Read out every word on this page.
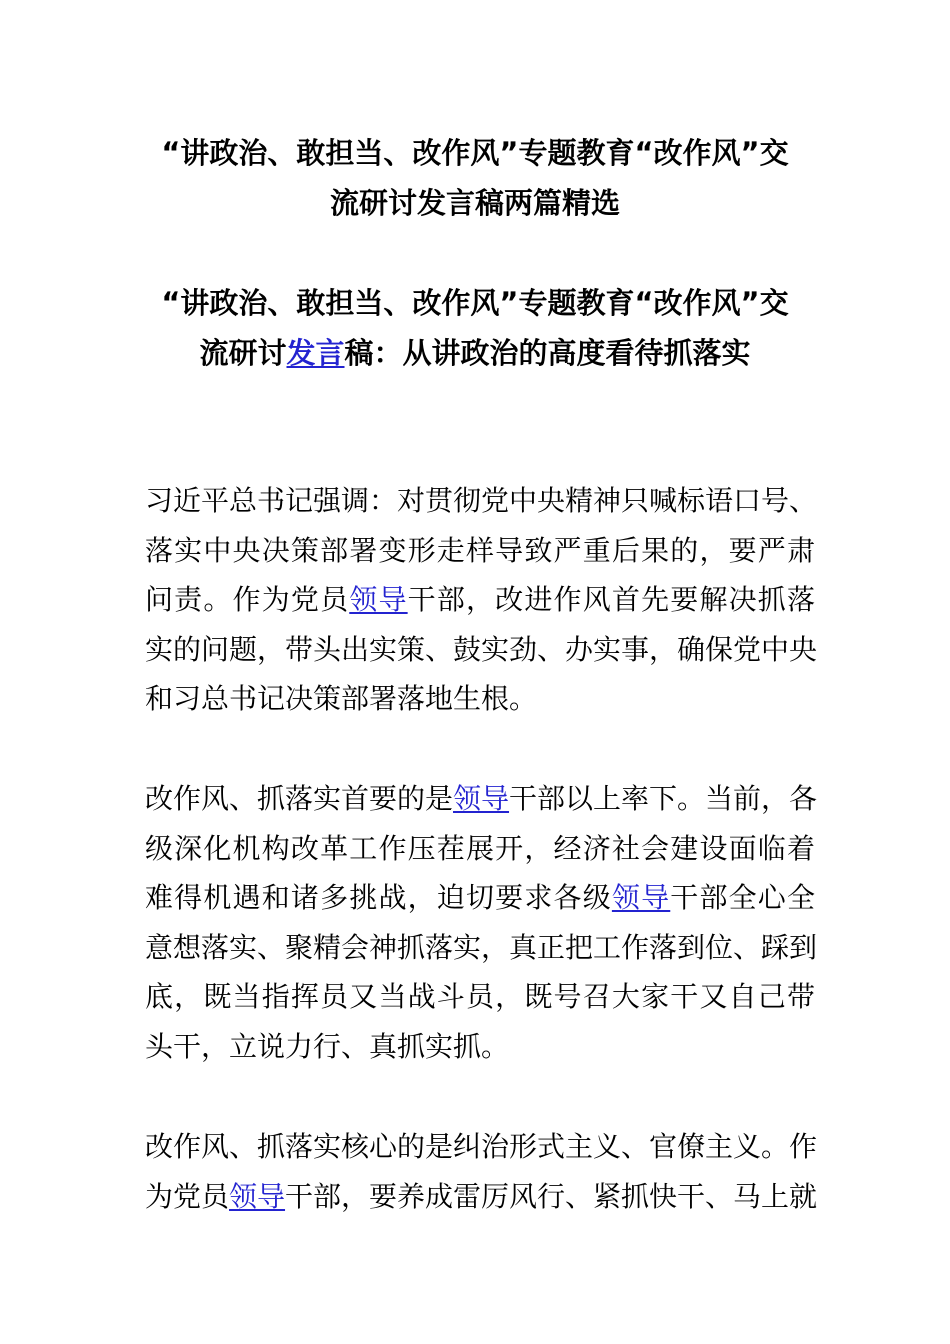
“讲政治、敢担当、改作风”专题教育“改作风”交
流研讨发言稿两篇精选
“讲政治、敢担当、改作风”专题教育“改作风”交
流研讨发言稿：从讲政治的高度看待抓落实
习近平总书记强调：对贯彻党中央精神只喊标语口号、
落实中央决策部署变形走样导致严重后果的，要严肃
问责。作为党员领导干部，改进作风首先要解决抓落
实的问题，带头出实策、鼓实劲、办实事，确保党中央
和习总书记决策部署落地生根。
改作风、抓落实首要的是领导干部以上率下。当前，各
级深化机构改革工作压茬展开，经济社会建设面临着
难得机遇和诸多挑战，迫切要求各级领导干部全心全
意想落实、聚精会神抓落实，真正把工作落到位、踩到
底，既当指挥员又当战斗员，既号召大家干又自己带
头干，立说力行、真抓实抓。
改作风、抓落实核心的是纠治形式主义、官僚主义。作
为党员领导干部，要养成雷厉风行、紧抓快干、马上就
